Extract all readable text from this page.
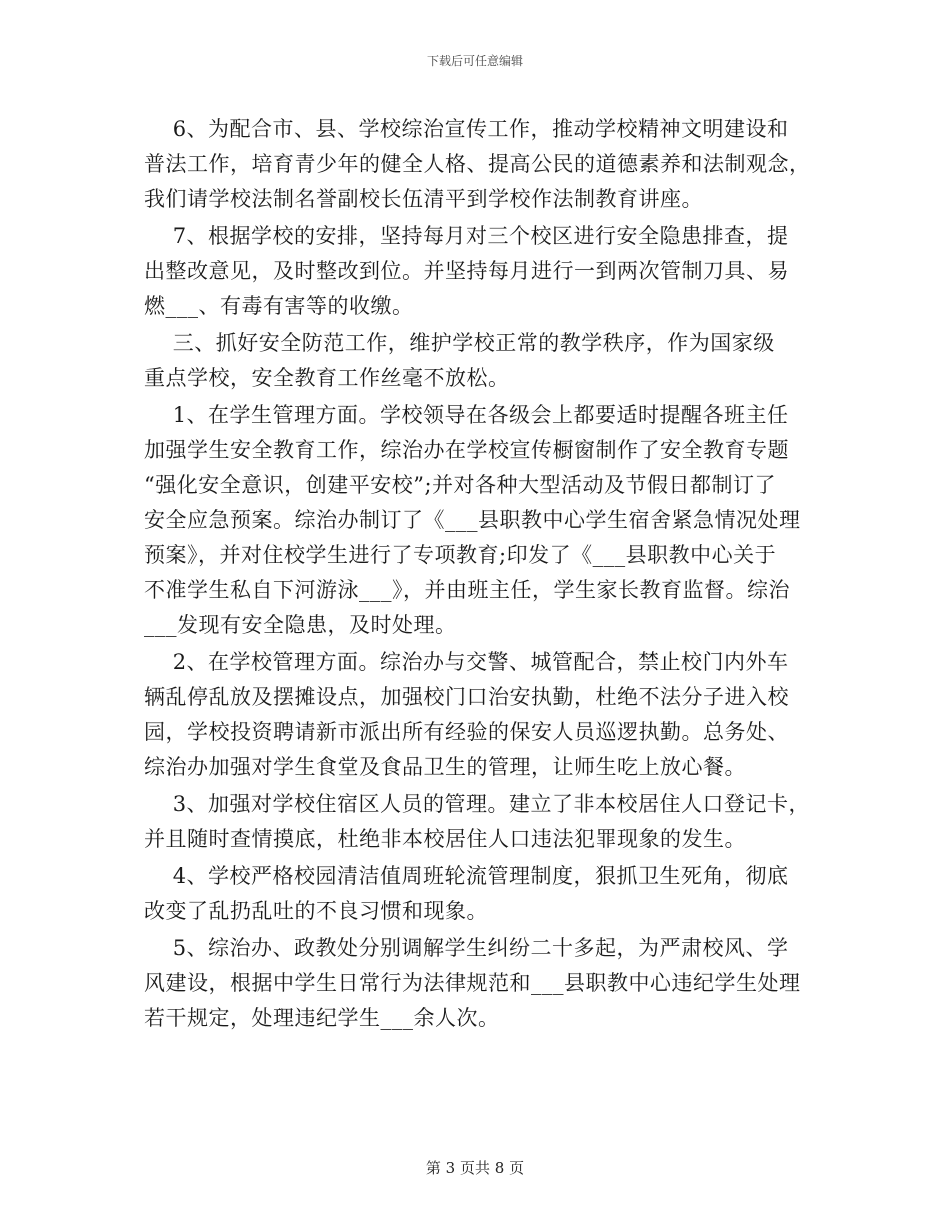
下载后可任意编辑
6、为配合市、县、学校综治宣传工作，推动学校精神文明建设和
普法工作，培育青少年的健全人格、提高公民的道德素养和法制观念，
我们请学校法制名誉副校长伍清平到学校作法制教育讲座。
7、根据学校的安排，坚持每月对三个校区进行安全隐患排查，提
出整改意见，及时整改到位。并坚持每月进行一到两次管制刀具、易
燃___、有毒有害等的收缴。
三、抓好安全防范工作，维护学校正常的教学秩序，作为国家级
重点学校，安全教育工作丝毫不放松。
1、在学生管理方面。学校领导在各级会上都要适时提醒各班主任
加强学生安全教育工作，综治办在学校宣传橱窗制作了安全教育专题
“强化安全意识，创建平安校”;并对各种大型活动及节假日都制订了
安全应急预案。综治办制订了《___县职教中心学生宿舍紧急情况处理
预案》，并对住校学生进行了专项教育;印发了《___县职教中心关于
不准学生私自下河游泳___》，并由班主任，学生家长教育监督。综治
___发现有安全隐患，及时处理。
2、在学校管理方面。综治办与交警、城管配合，禁止校门内外车
辆乱停乱放及摆摊设点，加强校门口治安执勤，杜绝不法分子进入校
园，学校投资聘请新市派出所有经验的保安人员巡逻执勤。总务处、
综治办加强对学生食堂及食品卫生的管理，让师生吃上放心餐。
3、加强对学校住宿区人员的管理。建立了非本校居住人口登记卡，
并且随时查情摸底，杜绝非本校居住人口违法犯罪现象的发生。
4、学校严格校园清洁值周班轮流管理制度，狠抓卫生死角，彻底
改变了乱扔乱吐的不良习惯和现象。
5、综治办、政教处分别调解学生纠纷二十多起，为严肃校风、学
风建设，根据中学生日常行为法律规范和___县职教中心违纪学生处理
若干规定，处理违纪学生___余人次。
第 3 页共 8 页
